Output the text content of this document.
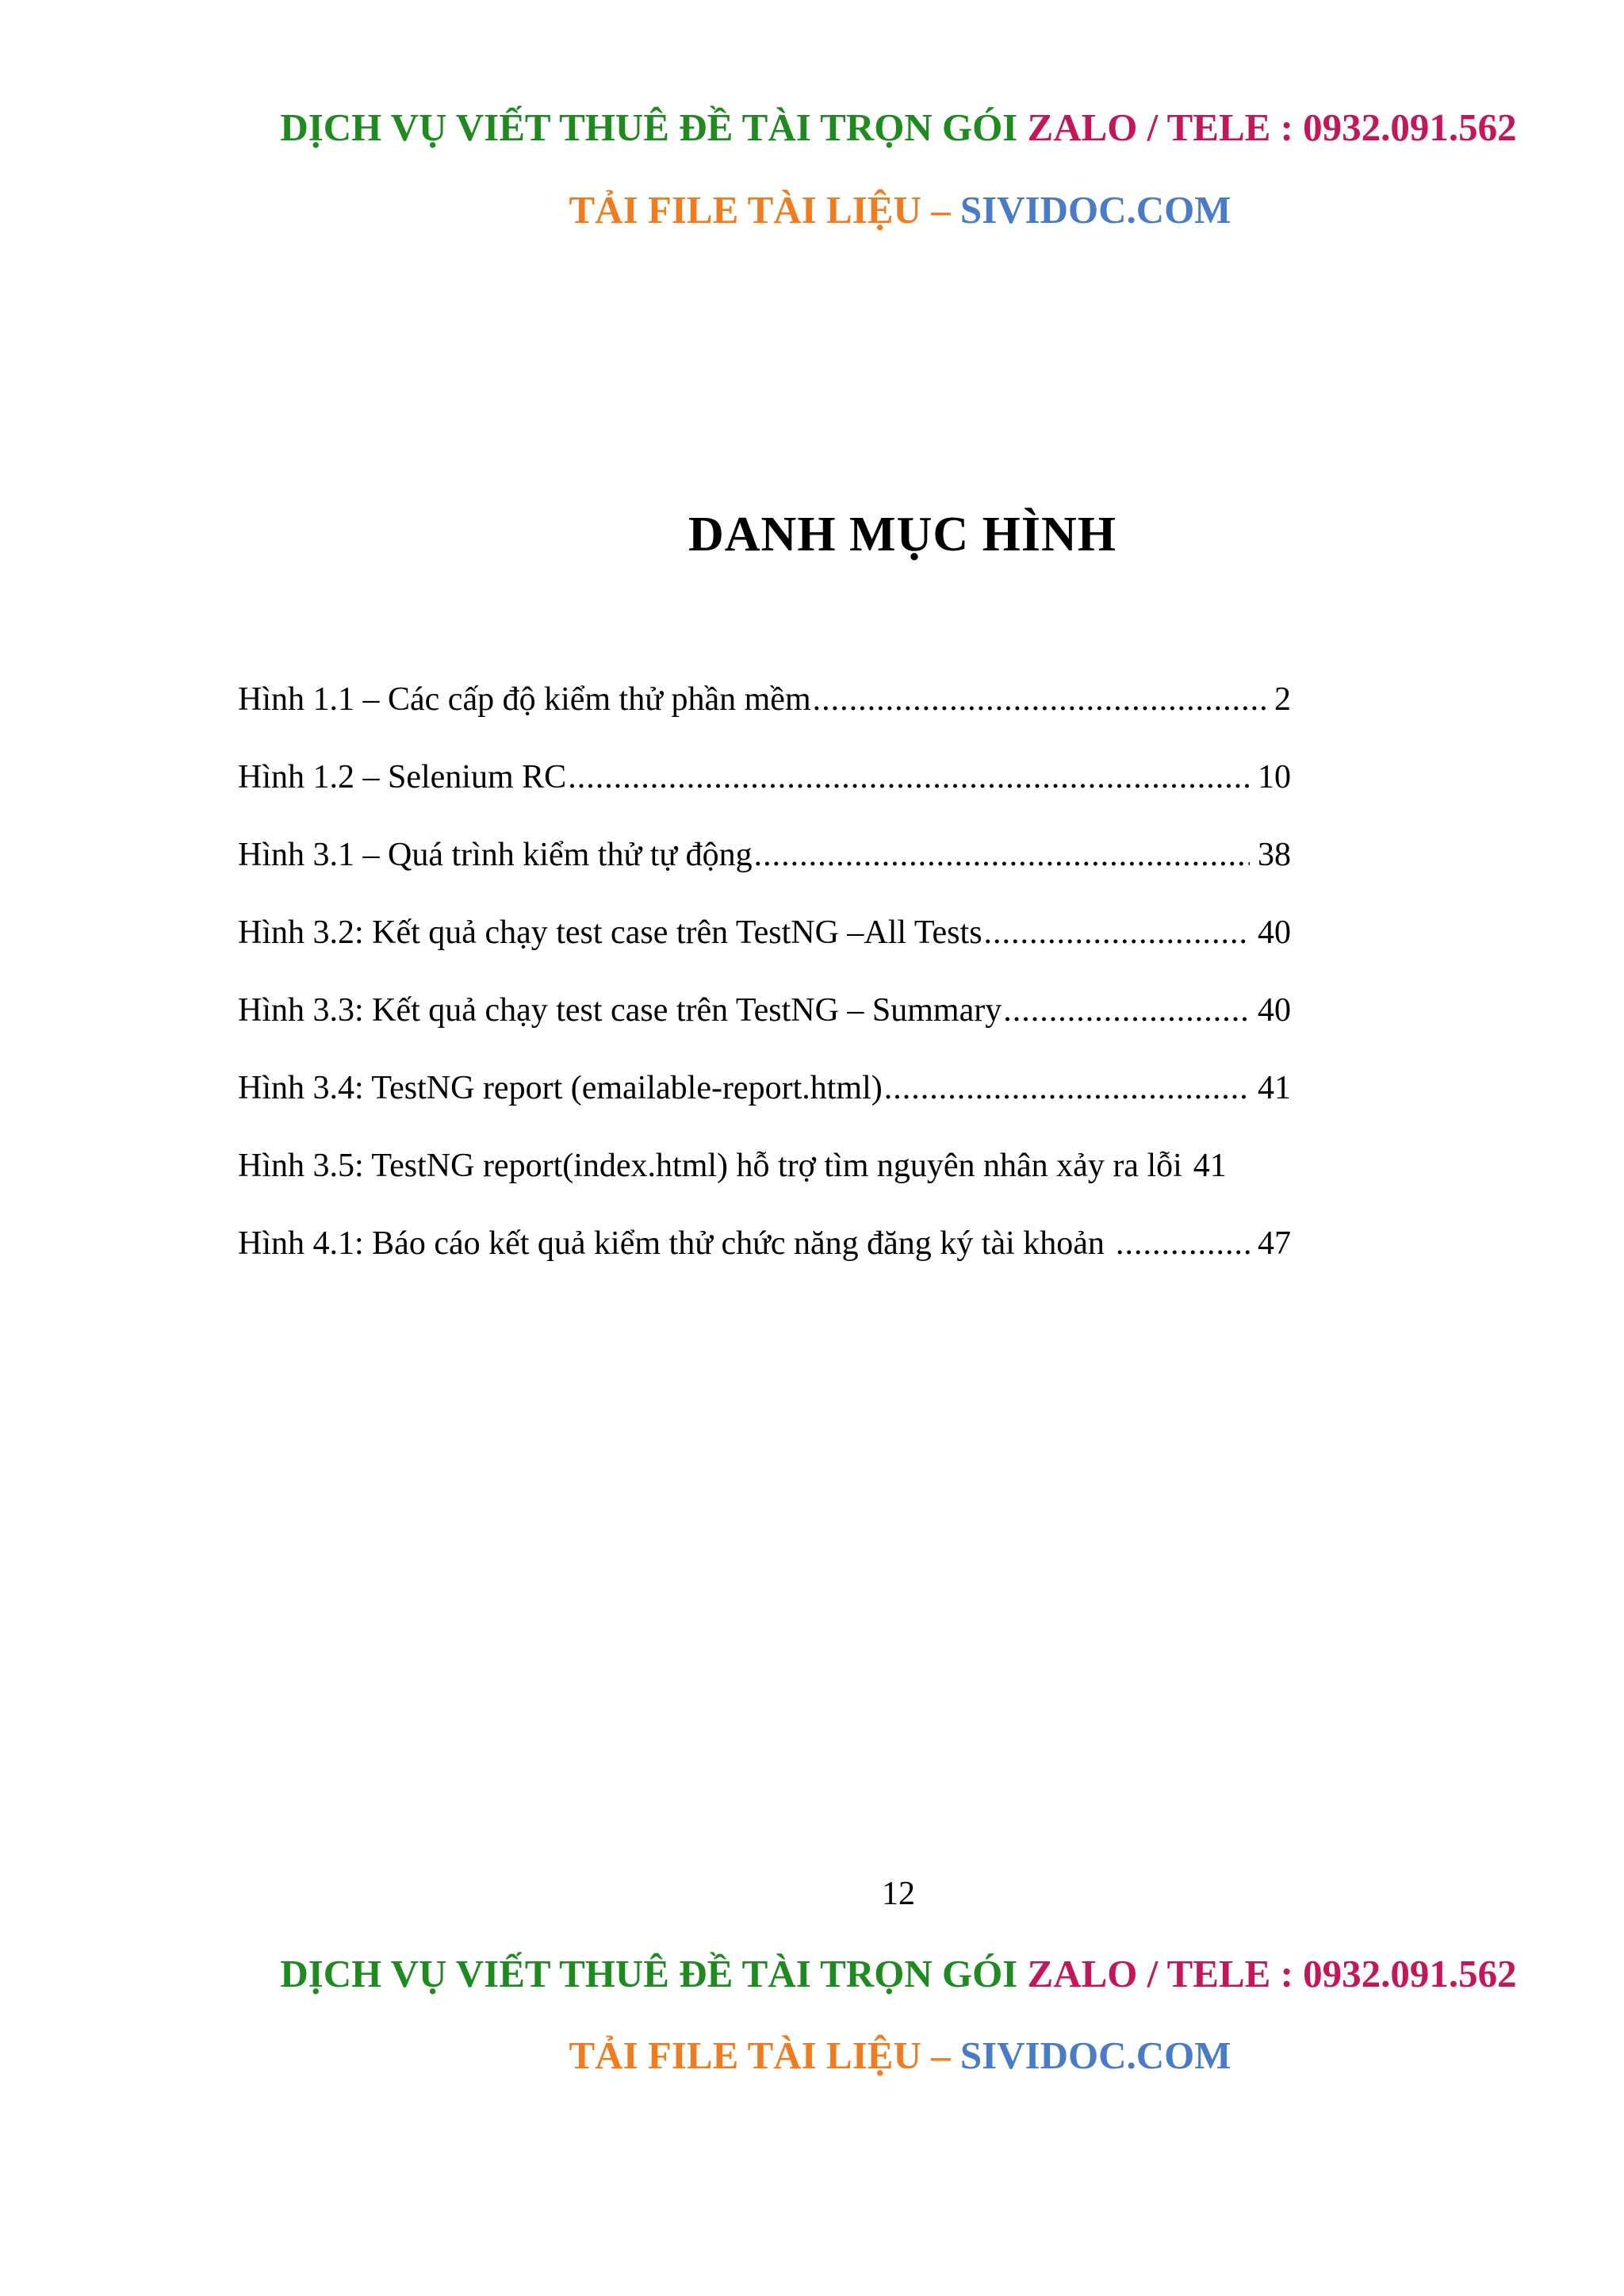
DỊCH VỤ VIẾT THUÊ ĐỀ TÀI TRỌN GÓI ZALO / TELE : 0932.091.562
TẢI FILE TÀI LIỆU – SIVIDOC.COM
DANH MỤC HÌNH
Hình 1.1 – Các cấp độ kiểm thử phần mềm .....	2
Hình 1.2 – Selenium RC .....	10
Hình 3.1 – Quá trình kiểm thử tự động .....	38
Hình 3.2: Kết quả chạy test case trên TestNG –All Tests .....	40
Hình 3.3: Kết quả chạy test case trên TestNG – Summary .....	40
Hình 3.4: TestNG report (emailable-report.html) .....	41
Hình 3.5: TestNG report(index.html) hỗ trợ tìm nguyên nhân xảy ra lỗi 41
Hình 4.1: Báo cáo kết quả kiểm thử chức năng đăng ký tài khoản .....	47
12
DỊCH VỤ VIẾT THUÊ ĐỀ TÀI TRỌN GÓI ZALO / TELE : 0932.091.562
TẢI FILE TÀI LIỆU – SIVIDOC.COM
